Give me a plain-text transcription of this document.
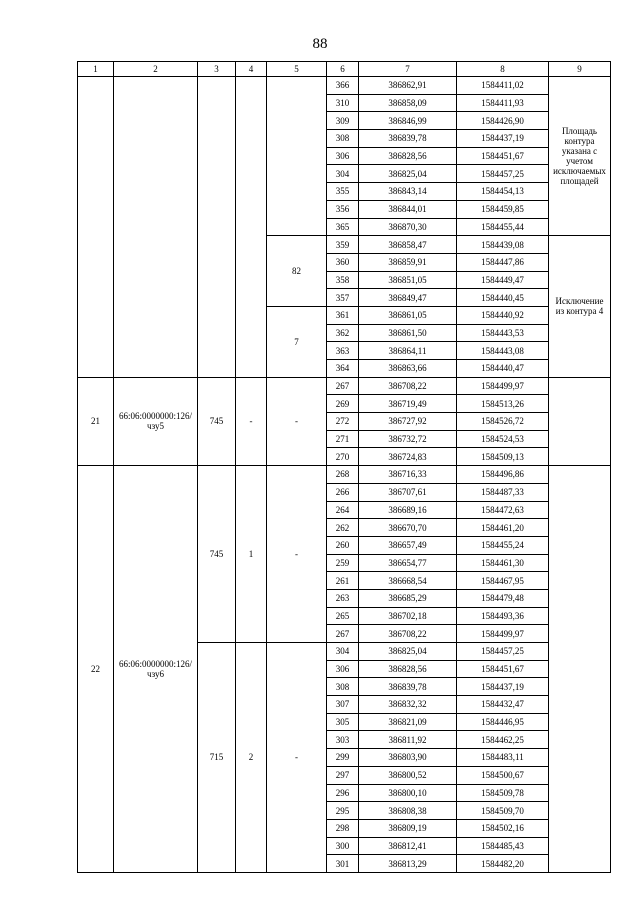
88
1	2	3	4	5	6	7	8	9
					366	386862,91	1584411,02	Площадь контура указана с учетом исключаемых площадей
					310	386858,09	1584411,93	
					309	386846,99	1584426,90	
					308	386839,78	1584437,19	
					306	386828,56	1584451,67	
					304	386825,04	1584457,25	
					355	386843,14	1584454,13	
					356	386844,01	1584459,85	
					365	386870,30	1584455,44	
				82	359	386858,47	1584439,08	Исключение из контура 4
					360	386859,91	1584447,86	
					358	386851,05	1584449,47	
					357	386849,47	1584440,45	
				7	361	386861,05	1584440,92	
					362	386861,50	1584443,53	
					363	386864,11	1584443,08	
					364	386863,66	1584440,47	
21	66:06:0000000:126/ чзу5	745	-	-	267	386708,22	1584499,97	
					269	386719,49	1584513,26	
					272	386727,92	1584526,72	
					271	386732,72	1584524,53	
					270	386724,83	1584509,13	
22	66:06:0000000:126/ чзу6	745	1	-	268	386716,33	1584496,86	
					266	386707,61	1584487,33	
					264	386689,16	1584472,63	
					262	386670,70	1584461,20	
					260	386657,49	1584455,24	
					259	386654,77	1584461,30	
					261	386668,54	1584467,95	
					263	386685,29	1584479,48	
					265	386702,18	1584493,36	
					267	386708,22	1584499,97	
		715	2	-	304	386825,04	1584457,25	
					306	386828,56	1584451,67	
					308	386839,78	1584437,19	
					307	386832,32	1584432,47	
					305	386821,09	1584446,95	
					303	386811,92	1584462,25	
					299	386803,90	1584483,11	
					297	386800,52	1584500,67	
					296	386800,10	1584509,78	
					295	386808,38	1584509,70	
					298	386809,19	1584502,16	
					300	386812,41	1584485,43	
					301	386813,29	1584482,20	
